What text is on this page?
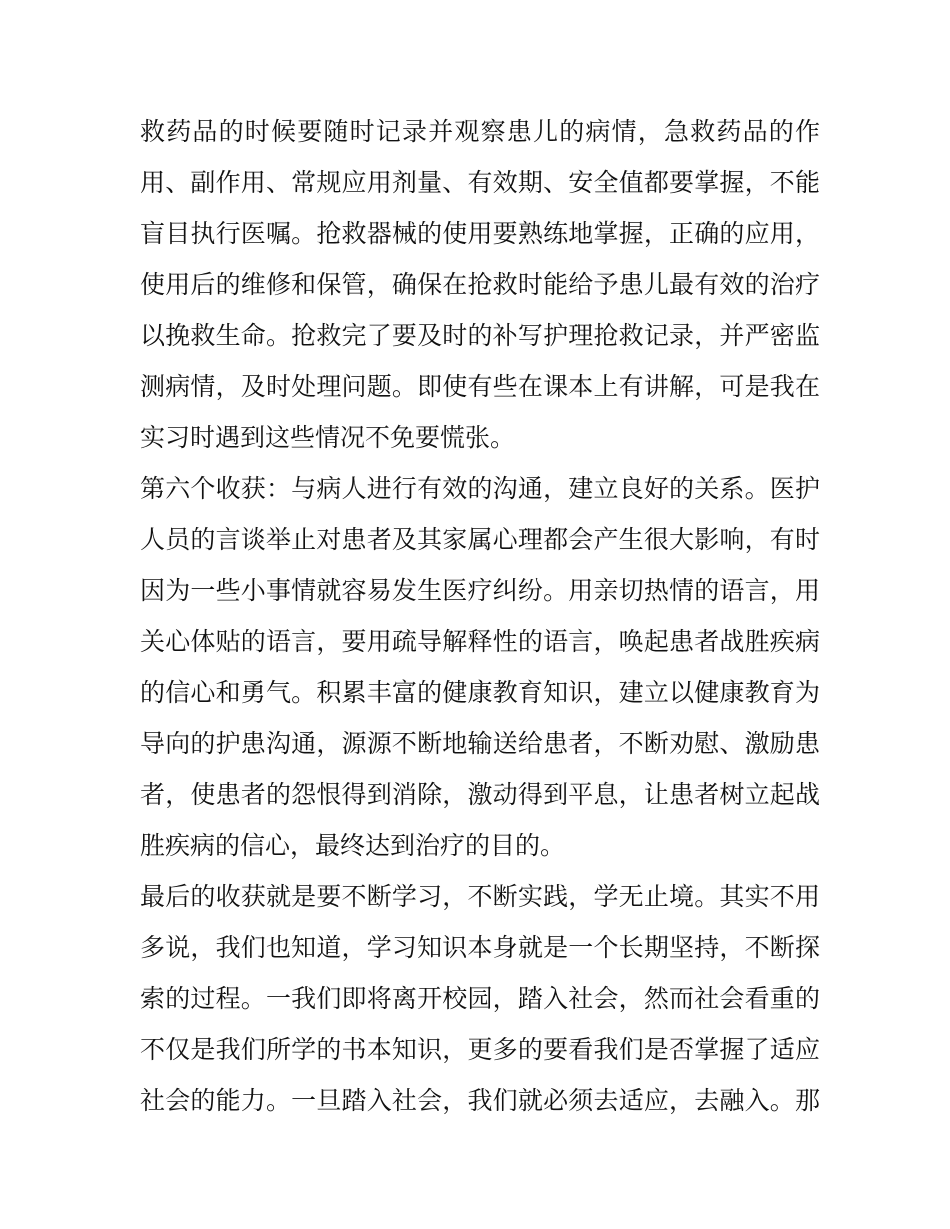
救药品的时候要随时记录并观察患儿的病情，急救药品的作
用、副作用、常规应用剂量、有效期、安全值都要掌握，不能
盲目执行医嘱。抢救器械的使用要熟练地掌握，正确的应用，
使用后的维修和保管，确保在抢救时能给予患儿最有效的治疗
以挽救生命。抢救完了要及时的补写护理抢救记录，并严密监
测病情，及时处理问题。即使有些在课本上有讲解，可是我在
实习时遇到这些情况不免要慌张。
第六个收获：与病人进行有效的沟通，建立良好的关系。医护
人员的言谈举止对患者及其家属心理都会产生很大影响，有时
因为一些小事情就容易发生医疗纠纷。用亲切热情的语言，用
关心体贴的语言，要用疏导解释性的语言，唤起患者战胜疾病
的信心和勇气。积累丰富的健康教育知识，建立以健康教育为
导向的护患沟通，源源不断地输送给患者，不断劝慰、激励患
者，使患者的怨恨得到消除，激动得到平息，让患者树立起战
胜疾病的信心，最终达到治疗的目的。
最后的收获就是要不断学习，不断实践，学无止境。其实不用
多说，我们也知道，学习知识本身就是一个长期坚持，不断探
索的过程。一我们即将离开校园，踏入社会，然而社会看重的
不仅是我们所学的书本知识，更多的要看我们是否掌握了适应
社会的能力。一旦踏入社会，我们就必须去适应，去融入。那
